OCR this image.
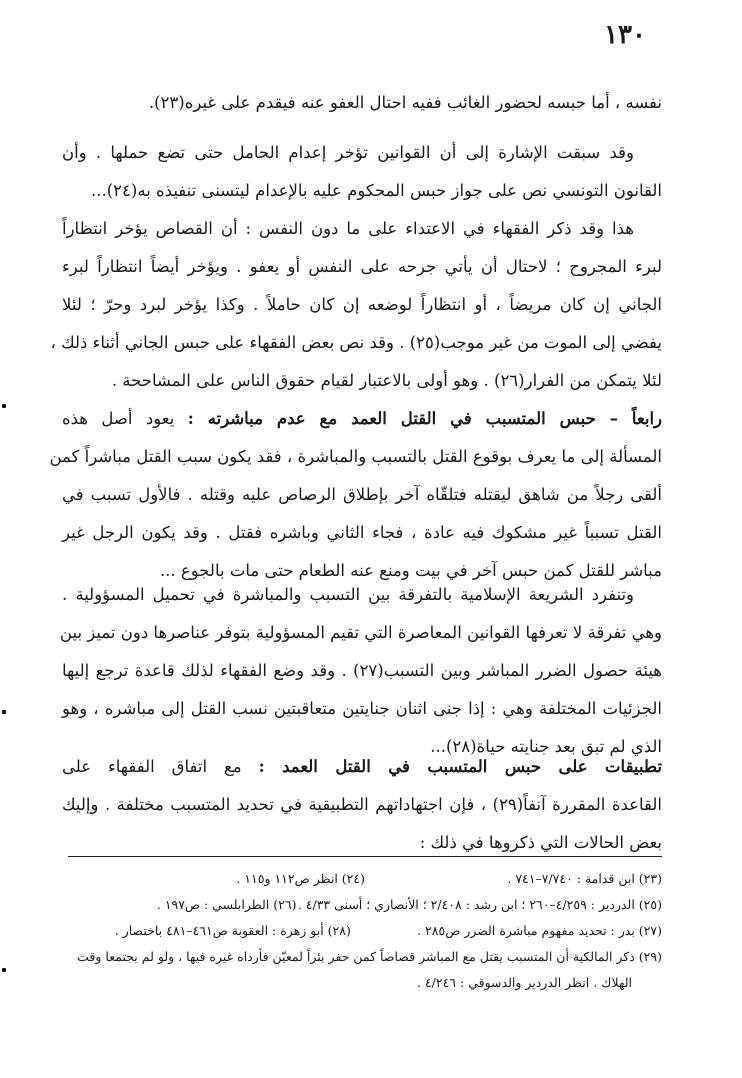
١٣٠
نفسه ، أما حبسه لحضور الغائب ففيه احتال العفو عنه فيقدم على غيره(٢٣).
وقد سبقت الإشارة إلى أن القوانين تؤخر إعدام الحامل حتى تضع حملها . وأن
القانون التونسي نص على جواز حبس المحكوم عليه بالإعدام ليتسنى تنفيذه به(٢٤)...
هذا وقد ذكر الفقهاء في الاعتداء على ما دون النفس : أن القصاص يؤخر انتظاراً
لبرء المجروح ؛ لاحتال أن يأتي جرحه على النفس أو يعفو . ويؤخر أيضاً انتظاراً لبرء
الجاني إن كان مريضاً ، أو انتظاراً لوضعه إن كان حاملاً . وكذا يؤخر لبرد وحرّ ؛ لئلا
يفضي إلى الموت من غير موجب(٢٥) . وقد نص بعض الفقهاء على حبس الجاني أثناء ذلك ،
لئلا يتمكن من الفرار(٢٦) . وهو أولى بالاعتبار لقيام حقوق الناس على المشاححة .
رابعاً – حبس المتسبب في القتل العمد مع عدم مباشرته : يعود أصل هذه
المسألة إلى ما يعرف بوقوع القتل بالتسبب والمباشرة ، فقد يكون سبب القتل مباشراً كمن
ألقى رجلاً من شاهق ليقتله فتلقّاه آخر بإطلاق الرصاص عليه وقتله . فالأول تسبب في
القتل تسبباً غير مشكوك فيه عادة ، فجاء الثاني وباشره فقتل . وقد يكون الرجل غير
مباشر للقتل كمن حبس آخر في بيت ومنع عنه الطعام حتى مات بالجوع ...
وتنفرد الشريعة الإسلامية بالتفرقة بين التسبب والمباشرة في تحميل المسؤولية .
وهي تفرقة لا تعرفها القوانين المعاصرة التي تقيم المسؤولية بتوفر عناصرها دون تميز بين
هيئة حصول الضرر المباشر وبين التسبب(٢٧) . وقد وضع الفقهاء لذلك قاعدة ترجع إليها
الجزئيات المختلفة وهي : إذا جنى اثنان جنايتين متعاقبتين نسب القتل إلى مباشره ، وهو
الذي لم تبق بعد جنايته حياة(٢٨)...
تطبيقات على حبس المتسبب في القتل العمد : مع اتفاق الفقهاء على
القاعدة المقررة آنفاً(٢٩) ، فإن اجتهاداتهم التطبيقية في تحديد المتسبب مختلفة . وإليك
بعض الحالات التي ذكروها في ذلك :
(٢٣) ابن قدامة : ٧/٧٤٠–٧٤١ .
(٢٤) انظر ص١١٢ و١١٥ .
(٢٥) الدردير : ٤/٢٥٩–٢٦٠ ؛ ابن رشد : ٢/٤٠٨ ؛ الأنصاري ؛ أسنى ٤/٣٣ .
(٢٦) الطرابلسي : ص١٩٧ .
(٢٧) بدر : تحديد مفهوم مباشرة الضرر ص٢٨٥ .
(٢٨) أبو زهرة : العقوبة ص٤٦١–٤٨١ باختصار .
(٢٩) ذكر المالكية أن المتسبب يقتل مع المباشر قصاصاً كمن حفر بئراً لمعيّن فأرداه غيره فيها ، ولو لم يجتمعا وقت
الهلاك . انظر الدردير والدسوقي : ٤/٢٤٦ .
